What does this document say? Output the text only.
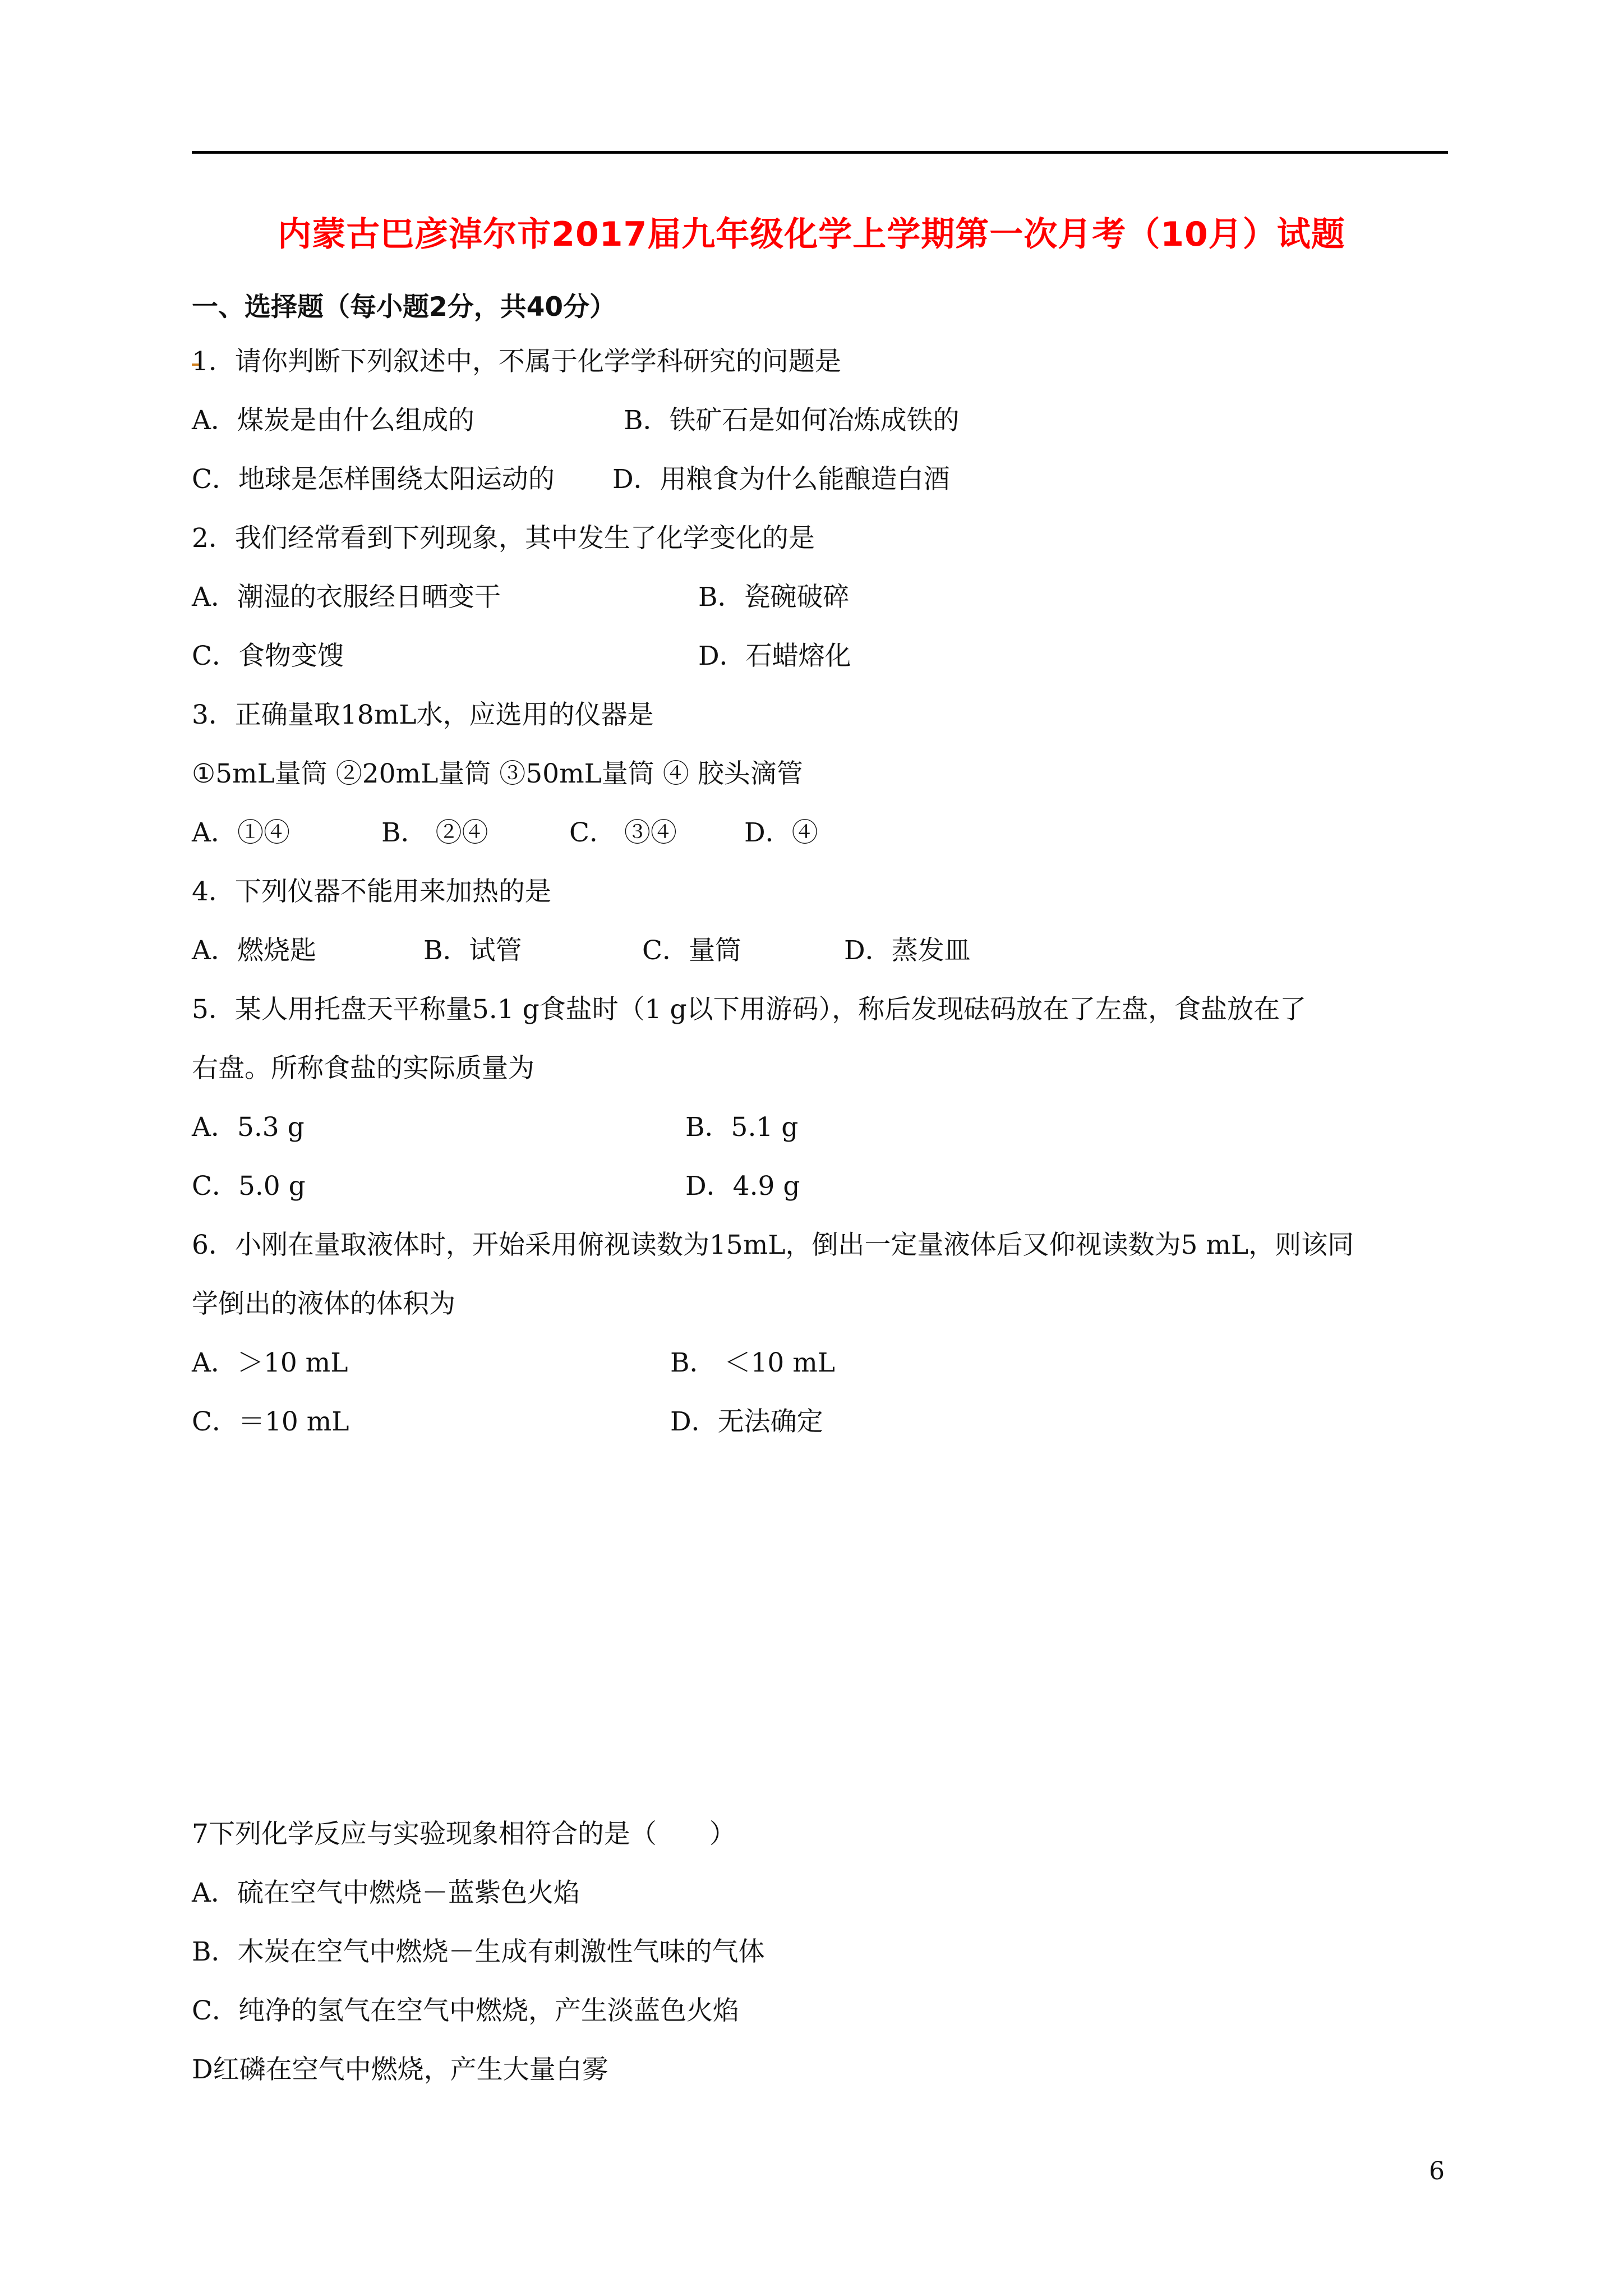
内蒙古巴彦淖尔市2017届九年级化学上学期第一次月考（10月）试题
一、选择题（每小题2分，共40分）
1．请你判断下列叙述中，不属于化学学科研究的问题是
A．煤炭是由什么组成的	B．铁矿石是如何冶炼成铁的
C．地球是怎样围绕太阳运动的 D．用粮食为什么能酿造白酒
2．我们经常看到下列现象，其中发生了化学变化的是
A．潮湿的衣服经日晒变干	B．瓷碗破碎
C．食物变馊	D．石蜡熔化
3．正确量取18mL水，应选用的仪器是
①5mL量筒 ②20mL量筒 ③50mL量筒 ④ 胶头滴管
A．①④	B． ②④	C． ③④	D．④
4．下列仪器不能用来加热的是
A．燃烧匙	B．试管	C．量筒	D．蒸发皿
5．某人用托盘天平称量5.1 g食盐时（1 g以下用游码），称后发现砝码放在了左盘，食盐放在了
右盘。所称食盐的实际质量为
A．5.3 g	B．5.1 g
C．5.0 g	D．4.9 g
6．小刚在量取液体时，开始采用俯视读数为15mL，倒出一定量液体后又仰视读数为5 mL，则该同
学倒出的液体的体积为
A．＞10 mL	B． ＜10 mL
C．＝10 mL	D．无法确定
7下列化学反应与实验现象相符合的是（　　）
A．硫在空气中燃烧－蓝紫色火焰
B．木炭在空气中燃烧－生成有刺激性气味的气体
C．纯净的氢气在空气中燃烧，产生淡蓝色火焰
D红磷在空气中燃烧，产生大量白雾
6
